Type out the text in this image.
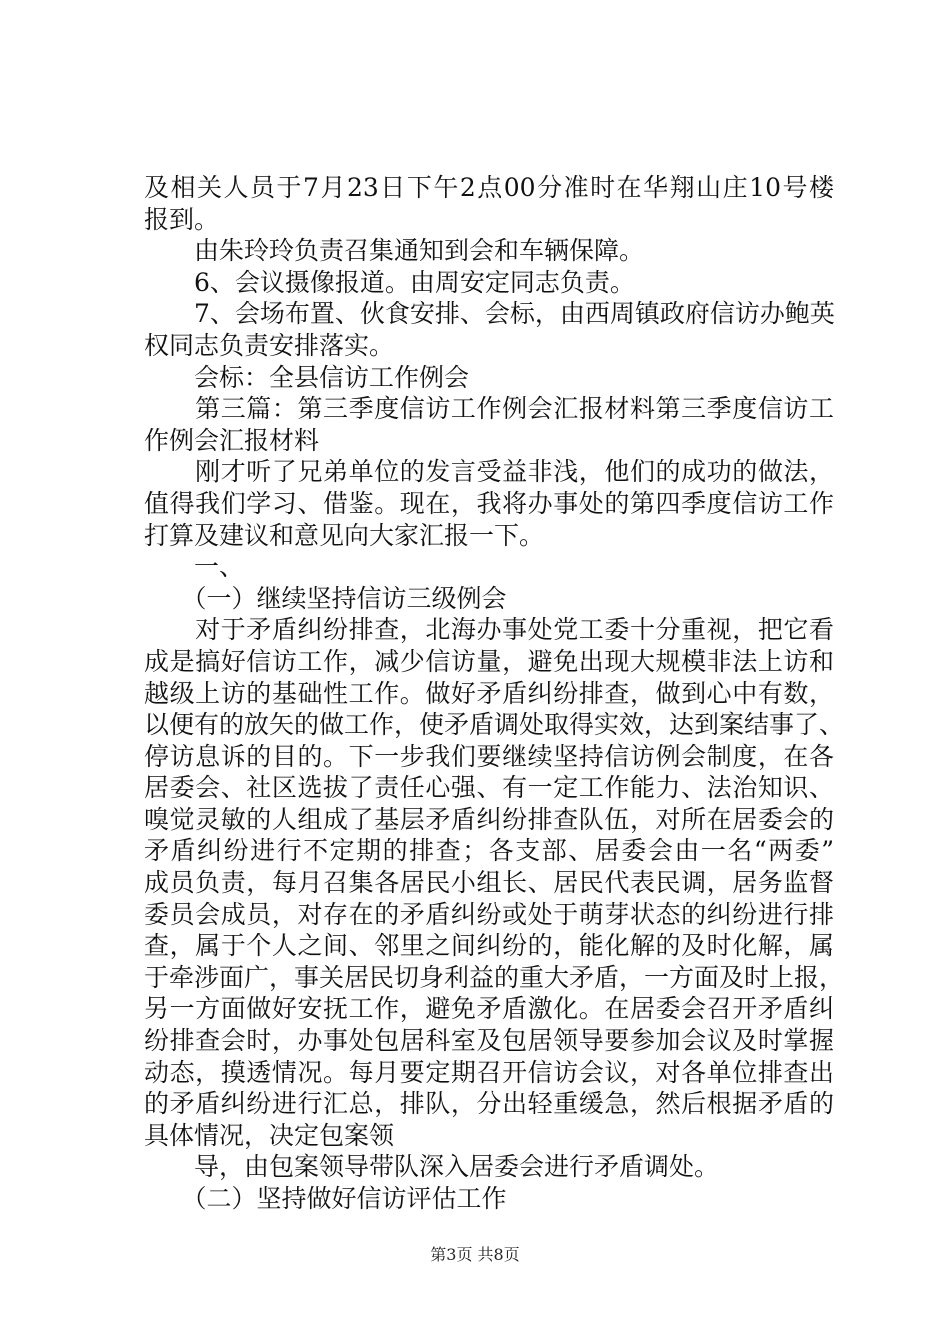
及相关人员于7月23日下午2点00分准时在华翔山庄10号楼
报到。
　　由朱玲玲负责召集通知到会和车辆保障。
　　6、会议摄像报道。由周安定同志负责。
　　7、会场布置、伙食安排、会标，由西周镇政府信访办鲍英
权同志负责安排落实。
　　会标：全县信访工作例会
　　第三篇：第三季度信访工作例会汇报材料第三季度信访工
作例会汇报材料
　　刚才听了兄弟单位的发言受益非浅，他们的成功的做法，
值得我们学习、借鉴。现在，我将办事处的第四季度信访工作
打算及建议和意见向大家汇报一下。
　　一、
　　（一）继续坚持信访三级例会
　　对于矛盾纠纷排查，北海办事处党工委十分重视，把它看
成是搞好信访工作，减少信访量，避免出现大规模非法上访和
越级上访的基础性工作。做好矛盾纠纷排查，做到心中有数，
以便有的放矢的做工作，使矛盾调处取得实效，达到案结事了、
停访息诉的目的。下一步我们要继续坚持信访例会制度，在各
居委会、社区选拔了责任心强、有一定工作能力、法治知识、
嗅觉灵敏的人组成了基层矛盾纠纷排查队伍，对所在居委会的
矛盾纠纷进行不定期的排查；各支部、居委会由一名“两委”
成员负责，每月召集各居民小组长、居民代表民调，居务监督
委员会成员，对存在的矛盾纠纷或处于萌芽状态的纠纷进行排
查，属于个人之间、邻里之间纠纷的，能化解的及时化解，属
于牵涉面广，事关居民切身利益的重大矛盾，一方面及时上报，
另一方面做好安抚工作，避免矛盾激化。在居委会召开矛盾纠
纷排查会时，办事处包居科室及包居领导要参加会议及时掌握
动态，摸透情况。每月要定期召开信访会议，对各单位排查出
的矛盾纠纷进行汇总，排队，分出轻重缓急，然后根据矛盾的
具体情况，决定包案领
　　导，由包案领导带队深入居委会进行矛盾调处。
　　（二）坚持做好信访评估工作
第3页 共8页
